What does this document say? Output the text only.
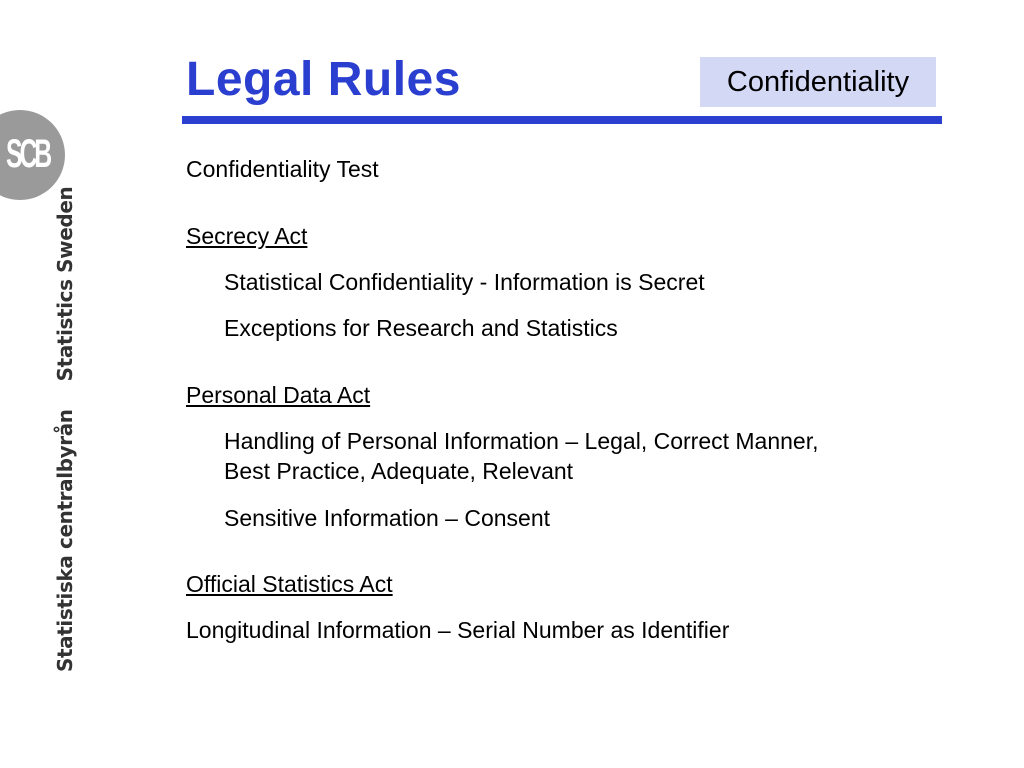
SCB
Statistiska centralbyrånStatistics Sweden
Legal Rules	Confidentiality

Confidentiality Test

Secrecy Act

Statistical Confidentiality - Information is Secret

Exceptions for Research and Statistics

Personal Data Act

Handling of Personal Information – Legal, Correct Manner,

Best Practice, Adequate, Relevant

Sensitive Information – Consent

Official Statistics Act

Longitudinal Information – Serial Number as Identifier
